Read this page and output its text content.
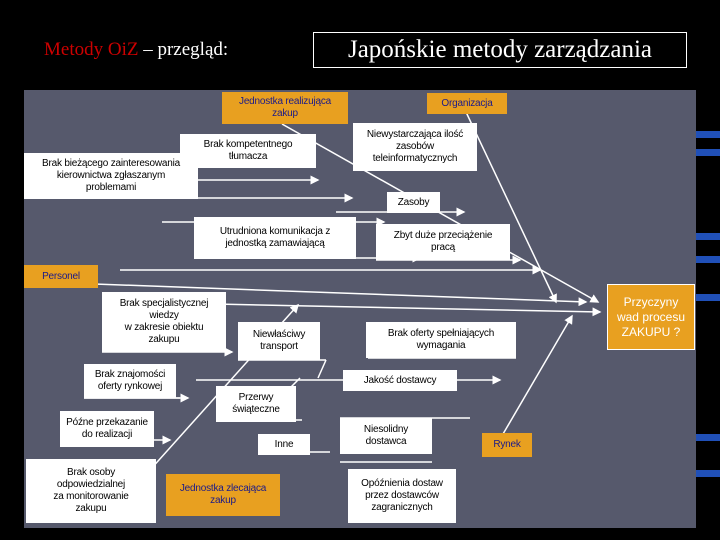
Metody OiZ – przegląd:	Japońskie metody zarządzania
Przyczyny
wad procesu
ZAKUPU ?
Jednostka realizująca
zakup
Organizacja
Personel
Rynek
Jednostka zlecająca
zakup
Brak kompetentnego
tłumacza
Brak bieżącego zainteresowania
kierownictwa zgłaszanym
problemami
Niewystarczająca ilość
zasobów
teleinformatycznych
Zasoby
Utrudniona komunikacja z
jednostką zamawiającą
Zbyt duże przeciążenie
pracą
Brak specjalistycznej
wiedzy
w zakresie obiektu
zakupu	Niewłaściwy
transport
Brak oferty spełniających
wymagania
Brak znajomości
oferty rynkowej
Jakość dostawcy
Przerwy
świąteczne
Późne przekazanie
do realizacji
Inne
Niesolidny
dostawca
Brak osoby
odpowiedzialnej
za monitorowanie
zakupu
Opóźnienia dostaw
przez dostawców
zagranicznych
